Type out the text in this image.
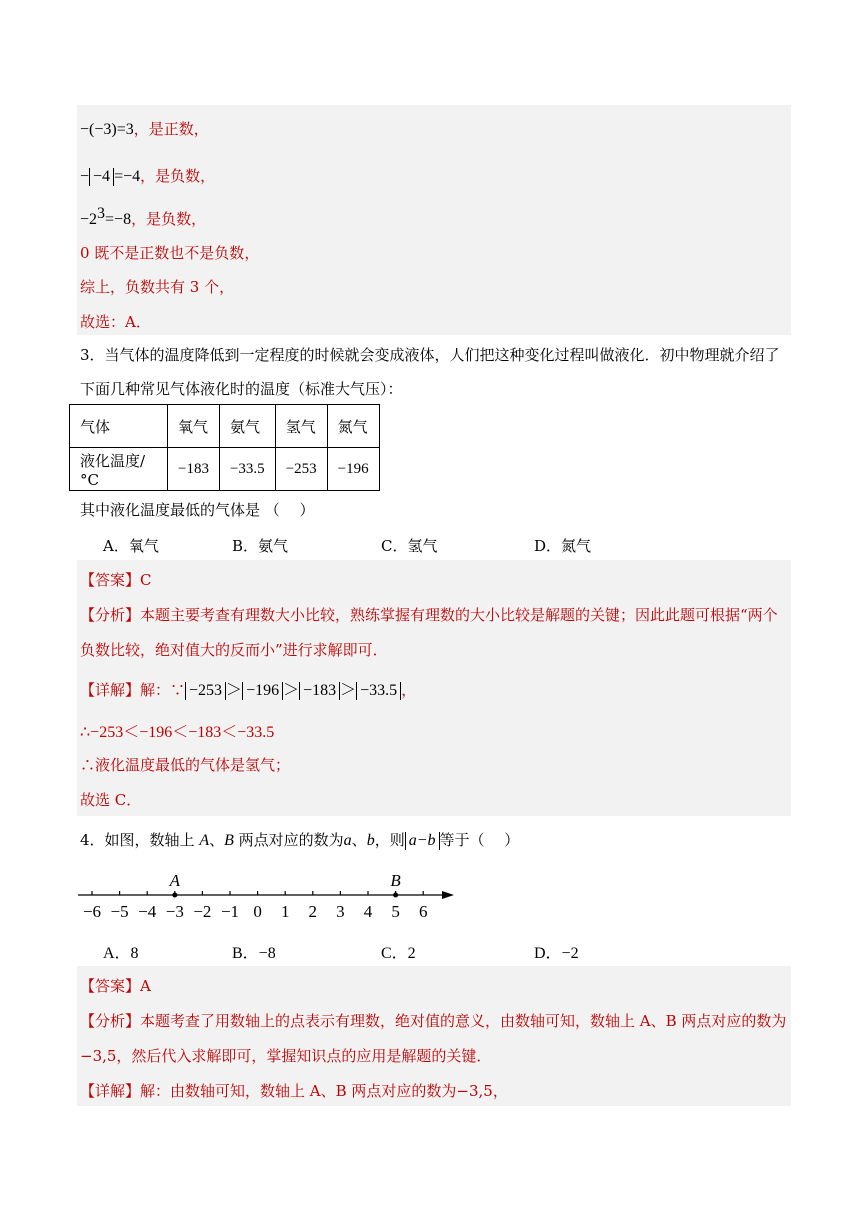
−(−3)=3，是正数，
− −4 =−4，是负数，
$-2^3=-8$，是负数，
0 既不是正数也不是负数，
综上，负数共有 3 个，
故选：A．
3．当气体的温度降低到一定程度的时候就会变成液体，人们把这种变化过程叫做液化．初中物理就介绍了
下面几种常见气体液化时的温度（标准大气压）：
气体	氧气	氨气	氢气	氮气
液化温度/°C	−183	−33.5	−253	−196
其中液化温度最低的气体是 （　 ）
A．氧气	B．氨气	C．氢气	D．氮气
【答案】C
【分析】本题主要考查有理数大小比较，熟练掌握有理数的大小比较是解题的关键；因此此题可根据“两个
负数比较，绝对值大的反而小”进行求解即可．
【详解】解：∵ −253 ＞ −196 ＞ −183 ＞ −33.5 ，
∴−253＜−196＜−183＜−33.5
∴液化温度最低的气体是氢气；
故选 C．
4．如图，数轴上 A、B 两点对应的数为a、b，则 a−b 等于（　 ）
−6 −5 −4 −3 −2 −1 0 1 2 3 4 5 6
A	B
A．8	B．−8	C．2	D．−2
【答案】A
【分析】本题考查了用数轴上的点表示有理数，绝对值的意义，由数轴可知，数轴上 A、B 两点对应的数为
−3,5，然后代入求解即可，掌握知识点的应用是解题的关键．
【详解】解：由数轴可知，数轴上 A、B 两点对应的数为−3,5，
